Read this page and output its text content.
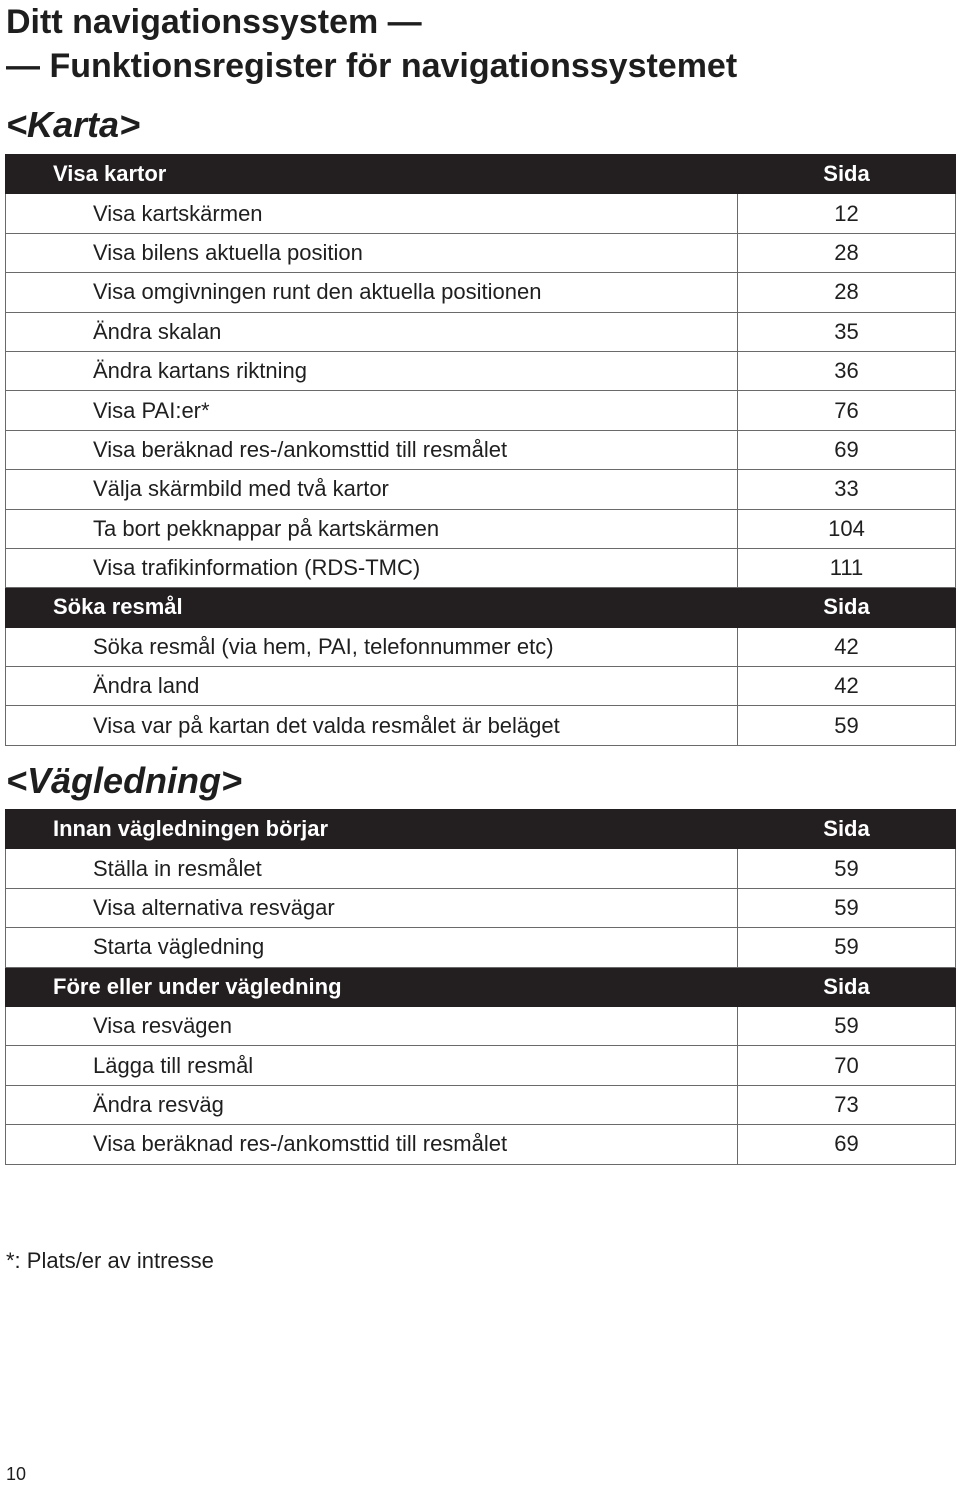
Ditt navigationssystem —
— Funktionsregister för navigationssystemet
<Karta>
Visa kartor	Sida
Visa kartskärmen	12
Visa bilens aktuella position	28
Visa omgivningen runt den aktuella positionen	28
Ändra skalan	35
Ändra kartans riktning	36
Visa PAI:er*	76
Visa beräknad res-/ankomsttid till resmålet	69
Välja skärmbild med två kartor	33
Ta bort pekknappar på kartskärmen	104
Visa trafikinformation (RDS-TMC)	111
Söka resmål	Sida
Söka resmål (via hem, PAI, telefonnummer etc)	42
Ändra land	42
Visa var på kartan det valda resmålet är beläget	59
<Vägledning>
Innan vägledningen börjar	Sida
Ställa in resmålet	59
Visa alternativa resvägar	59
Starta vägledning	59
Före eller under vägledning	Sida
Visa resvägen	59
Lägga till resmål	70
Ändra resväg	73
Visa beräknad res-/ankomsttid till resmålet	69
*: Plats/er av intresse
10
